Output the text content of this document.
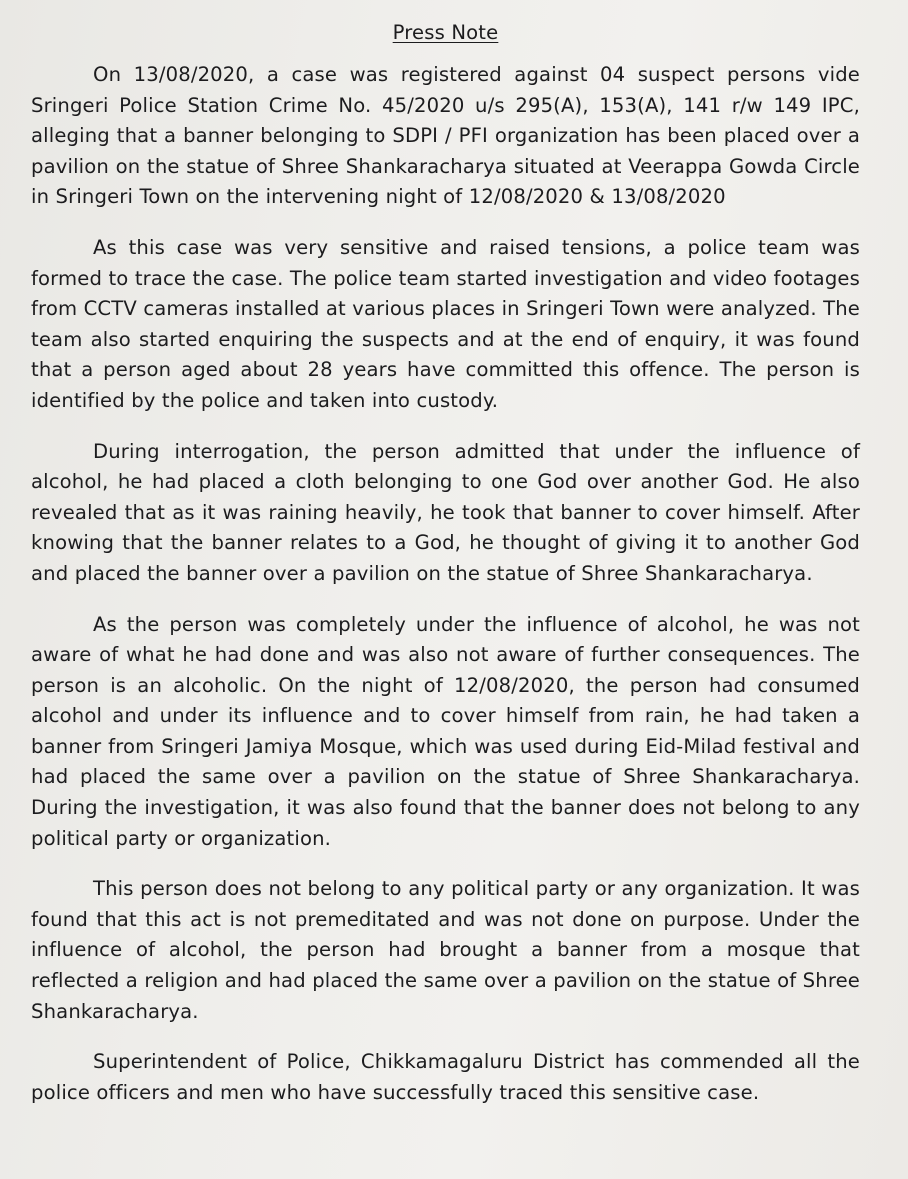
Press Note

On 13/08/2020, a case was registered against 04 suspect persons vide Sringeri Police Station Crime No. 45/2020 u/s 295(A), 153(A), 141 r/w 149 IPC, alleging that a banner belonging to SDPI / PFI organization has been placed over a pavilion on the statue of Shree Shankaracharya situated at Veerappa Gowda Circle in Sringeri Town on the intervening night of 12/08/2020 & 13/08/2020

As this case was very sensitive and raised tensions, a police team was formed to trace the case. The police team started investigation and video footages from CCTV cameras installed at various places in Sringeri Town were analyzed. The team also started enquiring the suspects and at the end of enquiry, it was found that a person aged about 28 years have committed this offence. The person is identified by the police and taken into custody.

During interrogation, the person admitted that under the influence of alcohol, he had placed a cloth belonging to one God over another God. He also revealed that as it was raining heavily, he took that banner to cover himself. After knowing that the banner relates to a God, he thought of giving it to another God and placed the banner over a pavilion on the statue of Shree Shankaracharya.

As the person was completely under the influence of alcohol, he was not aware of what he had done and was also not aware of further consequences. The person is an alcoholic. On the night of 12/08/2020, the person had consumed alcohol and under its influence and to cover himself from rain, he had taken a banner from Sringeri Jamiya Mosque, which was used during Eid-Milad festival and had placed the same over a pavilion on the statue of Shree Shankaracharya. During the investigation, it was also found that the banner does not belong to any political party or organization.

This person does not belong to any political party or any organization. It was found that this act is not premeditated and was not done on purpose. Under the influence of alcohol, the person had brought a banner from a mosque that reflected a religion and had placed the same over a pavilion on the statue of Shree Shankaracharya.

Superintendent of Police, Chikkamagaluru District has commended all the police officers and men who have successfully traced this sensitive case.
